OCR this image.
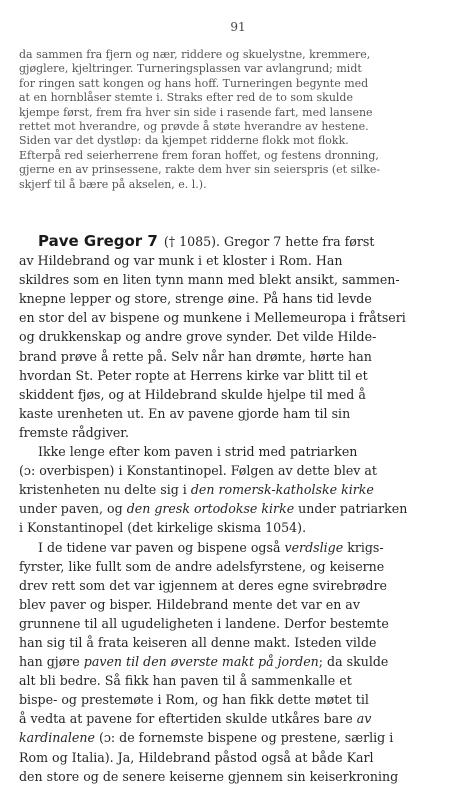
91
da sammen fra fjern og nær, riddere og skuelystne, kremmere,
gjøglere, kjeltringer. Turneringsplassen var avlangrund; midt
for ringen satt kongen og hans hoff. Turneringen begynte med
at en hornblåser stemte i. Straks efter red de to som skulde
kjempe først, frem fra hver sin side i rasende fart, med lansene
rettet mot hverandre, og prøvde å støte hverandre av hestene.
Siden var det dystløp: da kjempet ridderne flokk mot flokk.
Efterpå red seierherrene frem foran hoffet, og festens dronning,
gjerne en av prinsessene, rakte dem hver sin seierspris (et silke-
skjerf til å bære på akselen, e. l.).
Pave Gregor 7 († 1085). Gregor 7 hette fra først
av Hildebrand og var munk i et kloster i Rom. Han
skildres som en liten tynn mann med blekt ansikt, sammen-
knepne lepper og store, strenge øine. På hans tid levde
en stor del av bispene og munkene i Mellemeuropa i fråtseri
og drukkenskap og andre grove synder. Det vilde Hilde-
brand prøve å rette på. Selv når han drømte, hørte han
hvordan St. Peter ropte at Herrens kirke var blitt til et
skiddent fjøs, og at Hildebrand skulde hjelpe til med å
kaste urenheten ut. En av pavene gjorde ham til sin
fremste rådgiver.
Ikke lenge efter kom paven i strid med patriarken
(ɔ: overbispen) i Konstantinopel. Følgen av dette blev at
kristenheten nu delte sig i den romersk-katholske kirke
under paven, og den gresk ortodokse kirke under patriarken
i Konstantinopel (det kirkelige skisma 1054).
I de tidene var paven og bispene også verdslige krigs-
fyrster, like fullt som de andre adelsfyrstene, og keiserne
drev rett som det var igjennem at deres egne svirebrødre
blev paver og bisper. Hildebrand mente det var en av
grunnene til all ugudeligheten i landene. Derfor bestemte
han sig til å frata keiseren all denne makt. Isteden vilde
han gjøre paven til den øverste makt på jorden; da skulde
alt bli bedre. Så fikk han paven til å sammenkalle et
bispe- og prestemøte i Rom, og han fikk dette møtet til
å vedta at pavene for eftertiden skulde utkåres bare av
kardinalene (ɔ: de fornemste bispene og prestene, særlig i
Rom og Italia). Ja, Hildebrand påstod også at både Karl
den store og de senere keiserne gjennem sin keiserkroning
